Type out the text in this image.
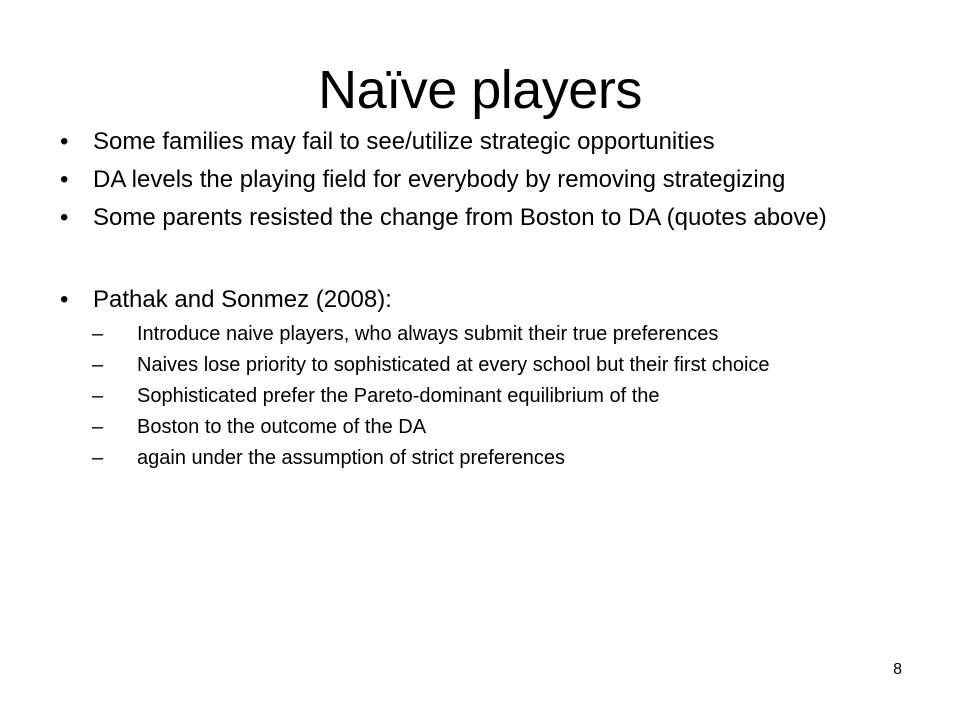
Naïve players
• Some families may fail to see/utilize strategic opportunities
• DA levels the playing field for everybody by removing strategizing
• Some parents resisted the change from Boston to DA (quotes above)
• Pathak and Sonmez (2008):
– Introduce naive players, who always submit their true preferences
– Naives lose priority to sophisticated at every school but their first choice
– Sophisticated prefer the Pareto-dominant equilibrium of the
– Boston to the outcome of the DA
– again under the assumption of strict preferences
8
